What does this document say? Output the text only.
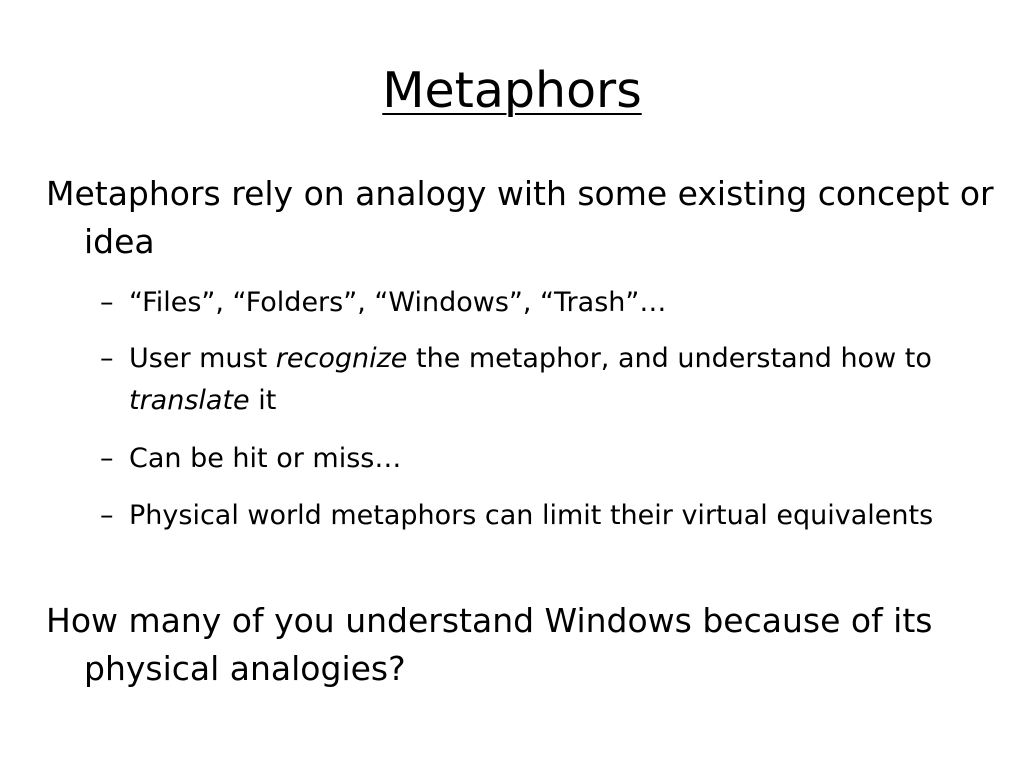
Metaphors
Metaphors rely on analogy with some existing concept or idea
– “Files”, “Folders”, “Windows”, “Trash”…
– User must recognize the metaphor, and understand how to translate it
– Can be hit or miss…
– Physical world metaphors can limit their virtual equivalents
How many of you understand Windows because of its physical analogies?
